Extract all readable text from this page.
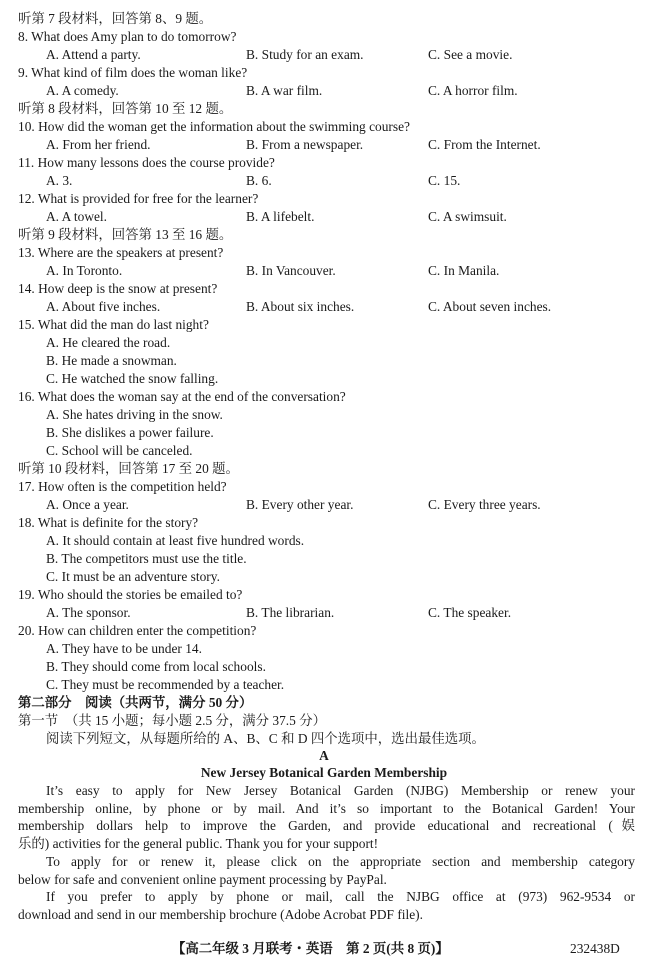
听第 7 段材料，回答第 8、9 题。
8. What does Amy plan to do tomorrow?
A. Attend a party.	B. Study for an exam.	C. See a movie.
9. What kind of film does the woman like?
A. A comedy.	B. A war film.	C. A horror film.
听第 8 段材料，回答第 10 至 12 题。
10. How did the woman get the information about the swimming course?
A. From her friend.	B. From a newspaper.	C. From the Internet.
11. How many lessons does the course provide?
A. 3.	B. 6.	C. 15.
12. What is provided for free for the learner?
A. A towel.	B. A lifebelt.	C. A swimsuit.
听第 9 段材料，回答第 13 至 16 题。
13. Where are the speakers at present?
A. In Toronto.	B. In Vancouver.	C. In Manila.
14. How deep is the snow at present?
A. About five inches.	B. About six inches.	C. About seven inches.
15. What did the man do last night?
A. He cleared the road.
B. He made a snowman.
C. He watched the snow falling.
16. What does the woman say at the end of the conversation?
A. She hates driving in the snow.
B. She dislikes a power failure.
C. School will be canceled.
听第 10 段材料，回答第 17 至 20 题。
17. How often is the competition held?
A. Once a year.	B. Every other year.	C. Every three years.
18. What is definite for the story?
A. It should contain at least five hundred words.
B. The competitors must use the title.
C. It must be an adventure story.
19. Who should the stories be emailed to?
A. The sponsor.	B. The librarian.	C. The speaker.
20. How can children enter the competition?
A. They have to be under 14.
B. They should come from local schools.
C. They must be recommended by a teacher.
第二部分　阅读（共两节，满分 50 分）
第一节　（共 15 小题；每小题 2.5 分，满分 37.5 分）
阅读下列短文，从每题所给的 A、B、C 和 D 四个选项中，选出最佳选项。
A
New Jersey Botanical Garden Membership
It’s easy to apply for New Jersey Botanical Garden (NJBG) Membership or renew your
membership online, by phone or by mail. And it’s so important to the Botanical Garden! Your
membership dollars help to improve the Garden, and provide educational and recreational (娱
乐的) activities for the general public. Thank you for your support!
To apply for or renew it, please click on the appropriate section and membership category
below for safe and convenient online payment processing by PayPal.
If you prefer to apply by phone or mail, call the NJBG office at (973) 962-9534 or
download and send in our membership brochure (Adobe Acrobat PDF file).
【高二年级 3 月联考・英语　第 2 页(共 8 页)】	232438D
